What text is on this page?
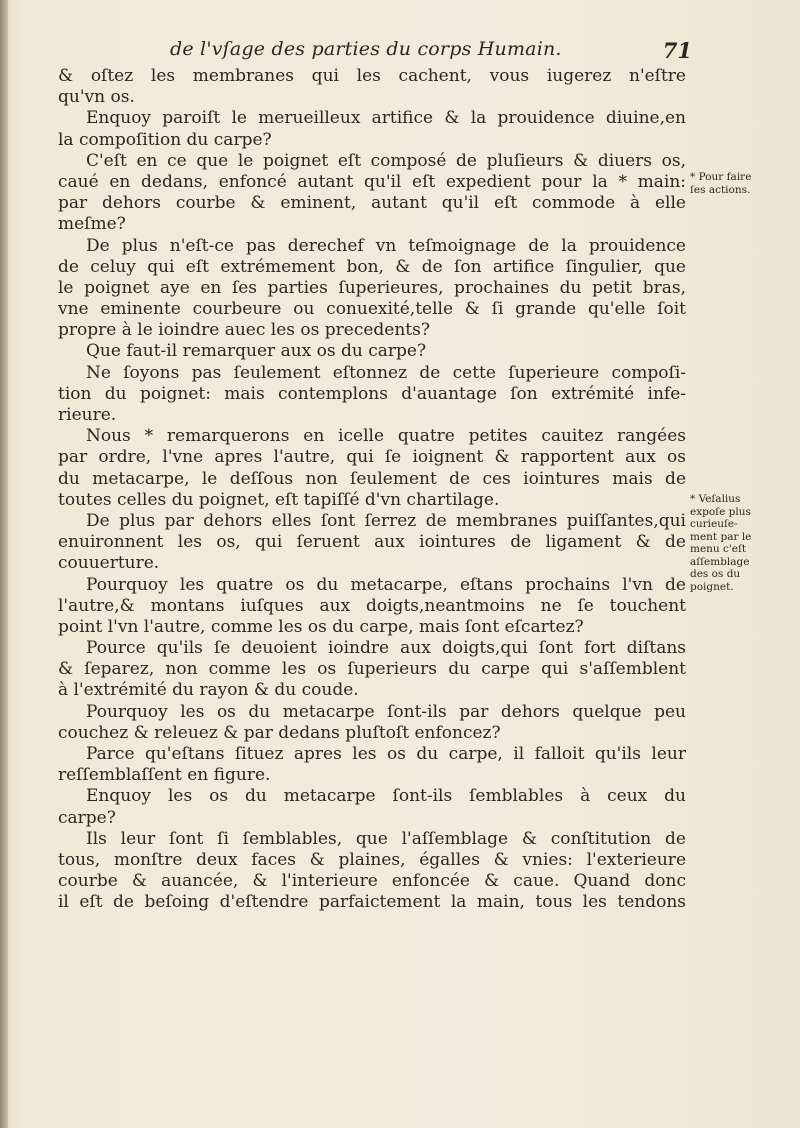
de l'vſage des parties du corps Humain.	71
& oſtez les membranes qui les cachent, vous iugerez n'eſtre
qu'vn os.
Enquoy paroiſt le merueilleux artifice & la prouidence diuine,en
la compoſition du carpe?
C'eſt en ce que le poignet eſt composé de pluſieurs & diuers os,
caué en dedans, enfoncé autant qu'il eſt expedient pour la * main:
par dehors courbe & eminent, autant qu'il eſt commode à elle
meſme?
De plus n'eſt-ce pas derechef vn teſmoignage de la prouidence
de celuy qui eſt extrémement bon, & de ſon artifice ſingulier, que
le poignet aye en ſes parties ſuperieures, prochaines du petit bras,
vne eminente courbeure ou conuexité,telle & ſi grande qu'elle ſoit
propre à le ioindre auec les os precedents?
Que faut-il remarquer aux os du carpe?
Ne ſoyons pas ſeulement eſtonnez de cette ſuperieure compoſi-
tion du poignet: mais contemplons d'auantage ſon extrémité infe-
rieure.
Nous * remarquerons en icelle quatre petites cauitez rangées
par ordre, l'vne apres l'autre, qui ſe ioignent & rapportent aux os
du metacarpe, le deſſous non ſeulement de ces iointures mais de
toutes celles du poignet, eſt tapiſſé d'vn chartilage.
De plus par dehors elles ſont ſerrez de membranes puiſſantes,qui
enuironnent les os, qui ſeruent aux iointures de ligament & de
couuerture.
Pourquoy les quatre os du metacarpe, eſtans prochains l'vn de
l'autre,& montans iuſques aux doigts,neantmoins ne ſe touchent
point l'vn l'autre, comme les os du carpe, mais ſont eſcartez?
Pource qu'ils ſe deuoient ioindre aux doigts,qui ſont fort diſtans
& ſeparez, non comme les os ſuperieurs du carpe qui s'aſſemblent
à l'extrémité du rayon & du coude.
Pourquoy les os du metacarpe ſont-ils par dehors quelque peu
couchez & releuez & par dedans pluſtoſt enfoncez?
Parce qu'eſtans ſituez apres les os du carpe, il falloit qu'ils leur
reſſemblaſſent en figure.
Enquoy les os du metacarpe ſont-ils ſemblables à ceux du
carpe?
Ils leur ſont ſi ſemblables, que l'aſſemblage & conſtitution de
tous, monſtre deux faces & plaines, égalles & vnies: l'exterieure
courbe & auancée, & l'interieure enfoncée & caue. Quand donc
il eſt de beſoing d'eſtendre parfaictement la main, tous les tendons
* Pour faire
ſes actions.
* Veſalius
expoſe plus
curieuſe-
ment par le
menu c'eſt
aſſemblage
des os du
poignet.
